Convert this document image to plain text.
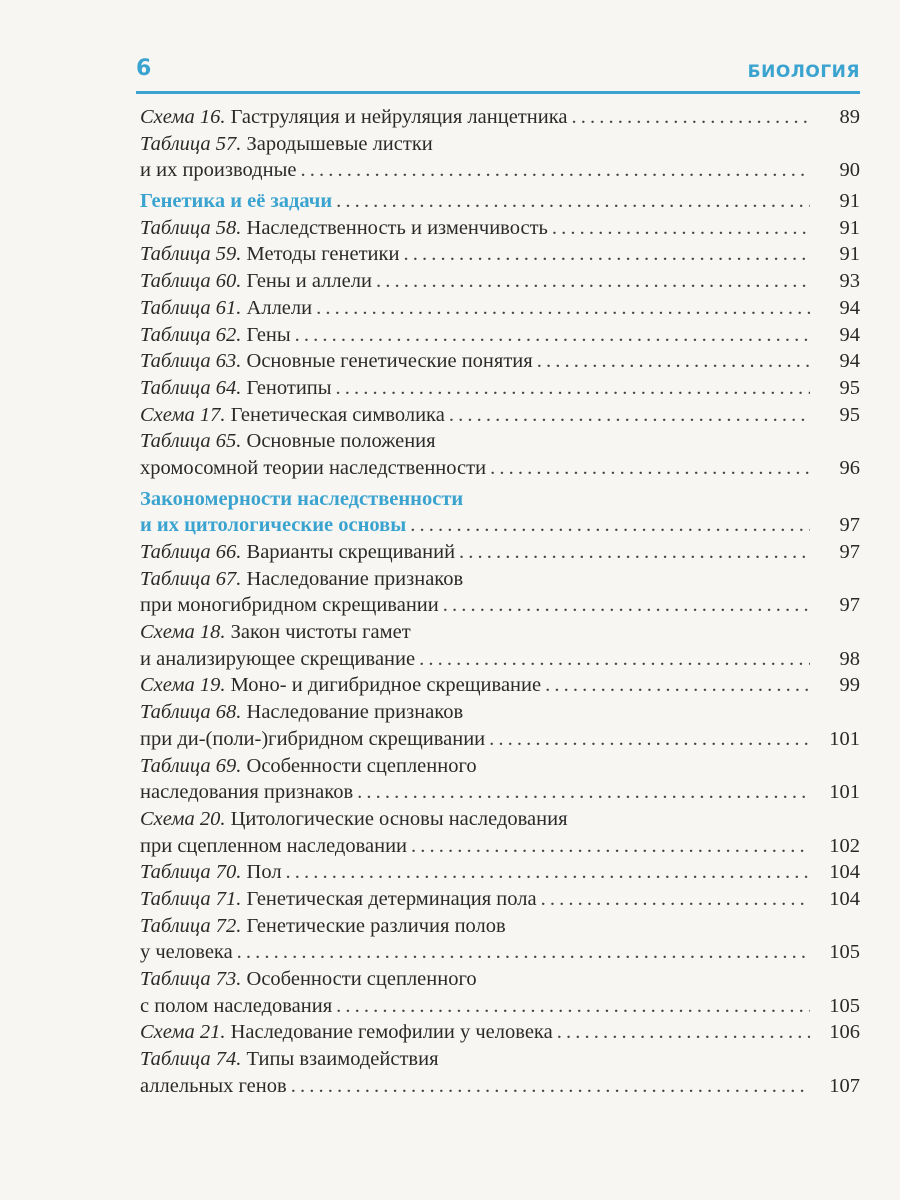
6	БИОЛОГИЯ
Схема 16. Гаструляция и нейруляция ланцетника . . .	89
Таблица 57. Зародышевые листки
и их производные . . .	90
Генетика и её задачи . . .	91
Таблица 58. Наследственность и изменчивость . . .	91
Таблица 59. Методы генетики . . .	91
Таблица 60. Гены и аллели . . .	93
Таблица 61. Аллели . . .	94
Таблица 62. Гены . . .	94
Таблица 63. Основные генетические понятия . . .	94
Таблица 64. Генотипы . . .	95
Схема 17. Генетическая символика . . .	95
Таблица 65. Основные положения
хромосомной теории наследственности . . .	96
Закономерности наследственности
и их цитологические основы . . .	97
Таблица 66. Варианты скрещиваний . . .	97
Таблица 67. Наследование признаков
при моногибридном скрещивании . . .	97
Схема 18. Закон чистоты гамет
и анализирующее скрещивание . . .	98
Схема 19. Моно- и дигибридное скрещивание . . .	99
Таблица 68. Наследование признаков
при ди-(поли-)гибридном скрещивании . . .	101
Таблица 69. Особенности сцепленного
наследования признаков . . .	101
Схема 20. Цитологические основы наследования
при сцепленном наследовании . . .	102
Таблица 70. Пол . . .	104
Таблица 71. Генетическая детерминация пола . . .	104
Таблица 72. Генетические различия полов
у человека . . .	105
Таблица 73. Особенности сцепленного
с полом наследования . . .	105
Схема 21. Наследование гемофилии у человека . . .	106
Таблица 74. Типы взаимодействия
аллельных генов . . .	107
